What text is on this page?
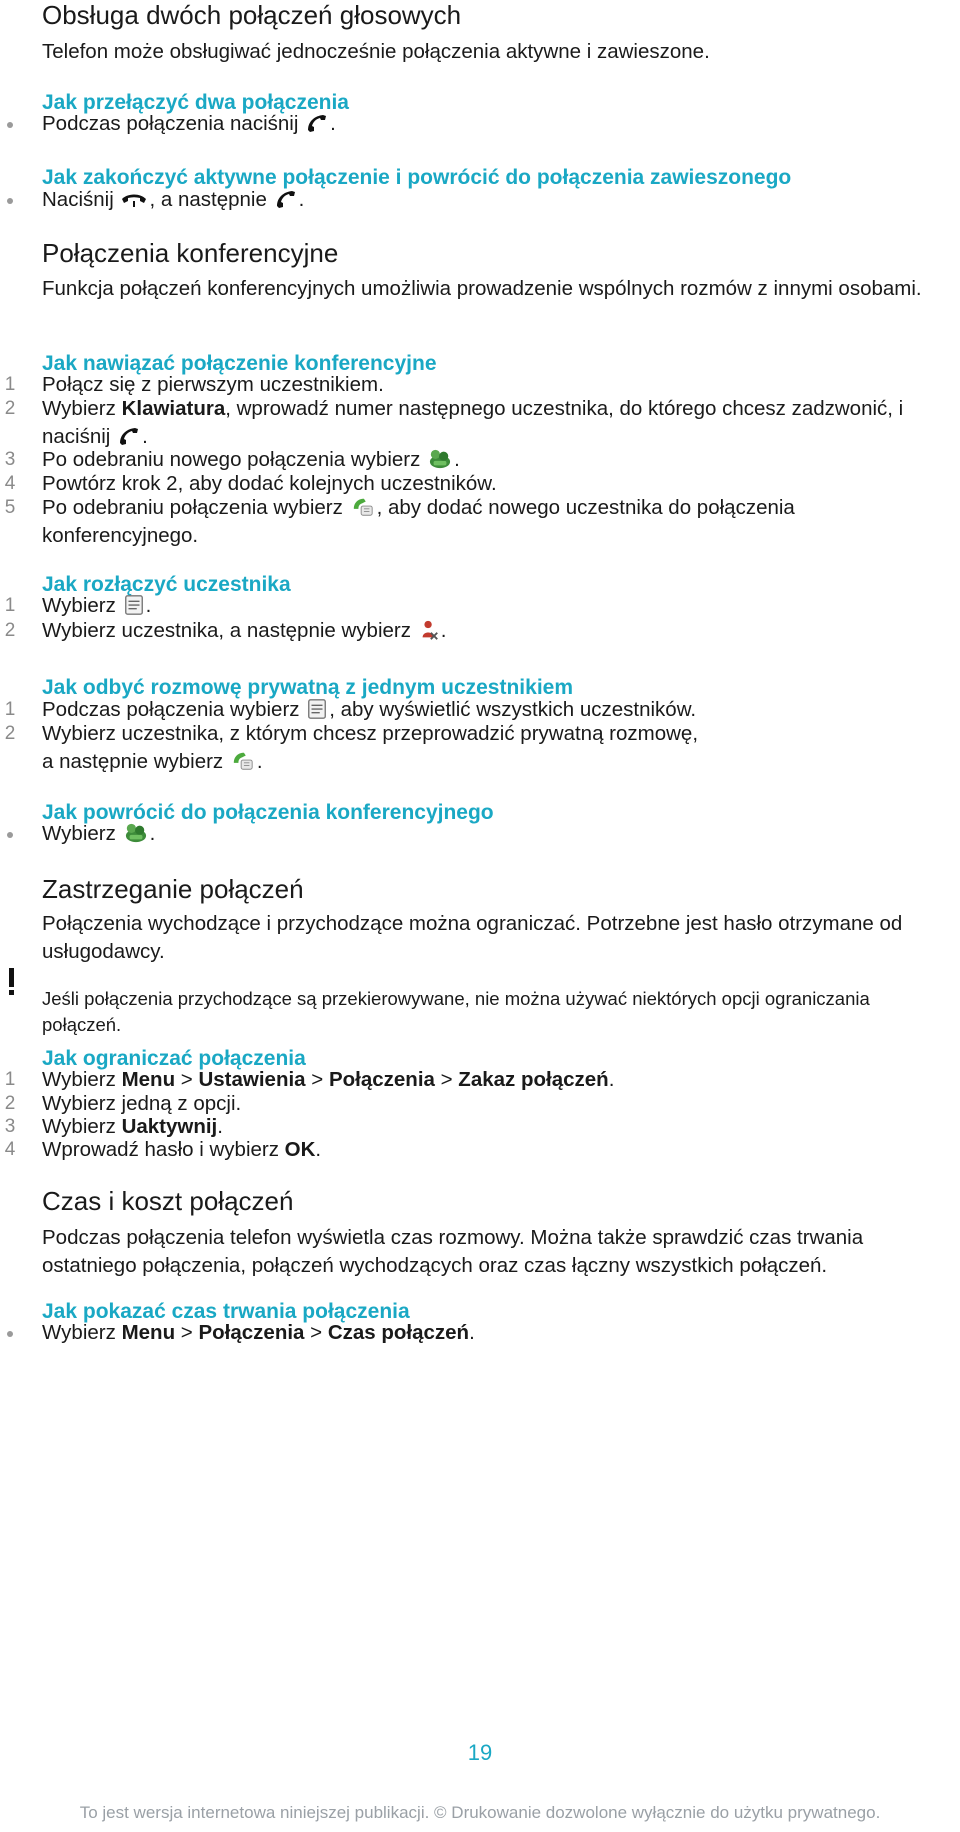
Obsługa dwóch połączeń głosowych

Telefon może obsługiwać jednocześnie połączenia aktywne i zawieszone.

Jak przełączyć dwa połączenia
Podczas połączenia naciśnij .
Jak zakończyć aktywne połączenie i powrócić do połączenia zawieszonego
Naciśnij , a następnie .
Połączenia konferencyjne

Funkcja połączeń konferencyjnych umożliwia prowadzenie wspólnych rozmów z innymi osobami.

Jak nawiązać połączenie konferencyjne
1 Połącz się z pierwszym uczestnikiem.
2 Wybierz Klawiatura, wprowadź numer następnego uczestnika, do którego chcesz zadzwonić, i naciśnij .
3 Po odebraniu nowego połączenia wybierz .
4 Powtórz krok 2, aby dodać kolejnych uczestników.
5 Po odebraniu połączenia wybierz , aby dodać nowego uczestnika do połączenia konferencyjnego.
Jak rozłączyć uczestnika
1 Wybierz .
2 Wybierz uczestnika, a następnie wybierz .
Jak odbyć rozmowę prywatną z jednym uczestnikiem
1 Podczas połączenia wybierz , aby wyświetlić wszystkich uczestników.
2 Wybierz uczestnika, z którym chcesz przeprowadzić prywatną rozmowę,
a następnie wybierz .
Jak powrócić do połączenia konferencyjnego
Wybierz .
Zastrzeganie połączeń

Połączenia wychodzące i przychodzące można ograniczać. Potrzebne jest hasło otrzymane od usługodawcy.

Jeśli połączenia przychodzące są przekierowywane, nie można używać niektórych opcji ograniczania połączeń.

Jak ograniczać połączenia
1 Wybierz Menu > Ustawienia > Połączenia > Zakaz połączeń.
2 Wybierz jedną z opcji.
3 Wybierz Uaktywnij.
4 Wprowadź hasło i wybierz OK.
Czas i koszt połączeń

Podczas połączenia telefon wyświetla czas rozmowy. Można także sprawdzić czas trwania ostatniego połączenia, połączeń wychodzących oraz czas łączny wszystkich połączeń.

Jak pokazać czas trwania połączenia
Wybierz Menu > Połączenia > Czas połączeń.
19
To jest wersja internetowa niniejszej publikacji. © Drukowanie dozwolone wyłącznie do użytku prywatnego.
